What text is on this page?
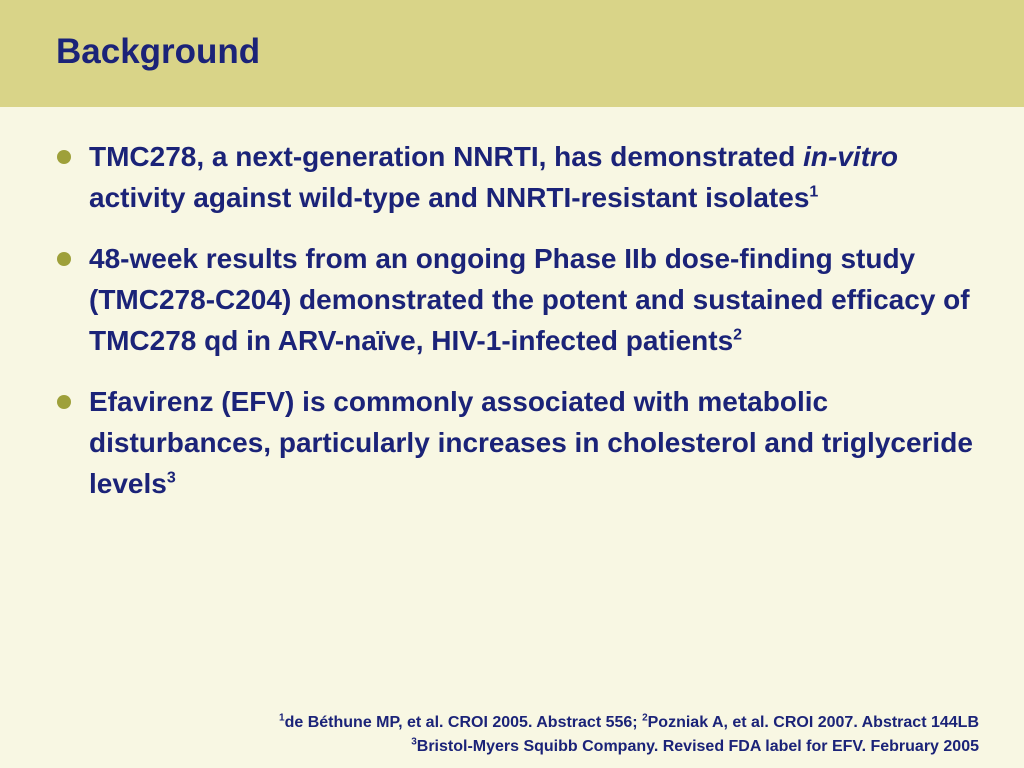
Background
TMC278, a next-generation NNRTI, has demonstrated in-vitro activity against wild-type and NNRTI-resistant isolates$^1$
48-week results from an ongoing Phase IIb dose-finding study (TMC278-C204) demonstrated the potent and sustained efficacy of TMC278 qd in ARV-naïve, HIV-1-infected patients$^2$
Efavirenz (EFV) is commonly associated with metabolic disturbances, particularly increases in cholesterol and triglyceride levels$^3$
$^1$de Béthune MP, et al. CROI 2005. Abstract 556; $^2$Pozniak A, et al. CROI 2007. Abstract 144LB
$^3$Bristol-Myers Squibb Company. Revised FDA label for EFV. February 2005
